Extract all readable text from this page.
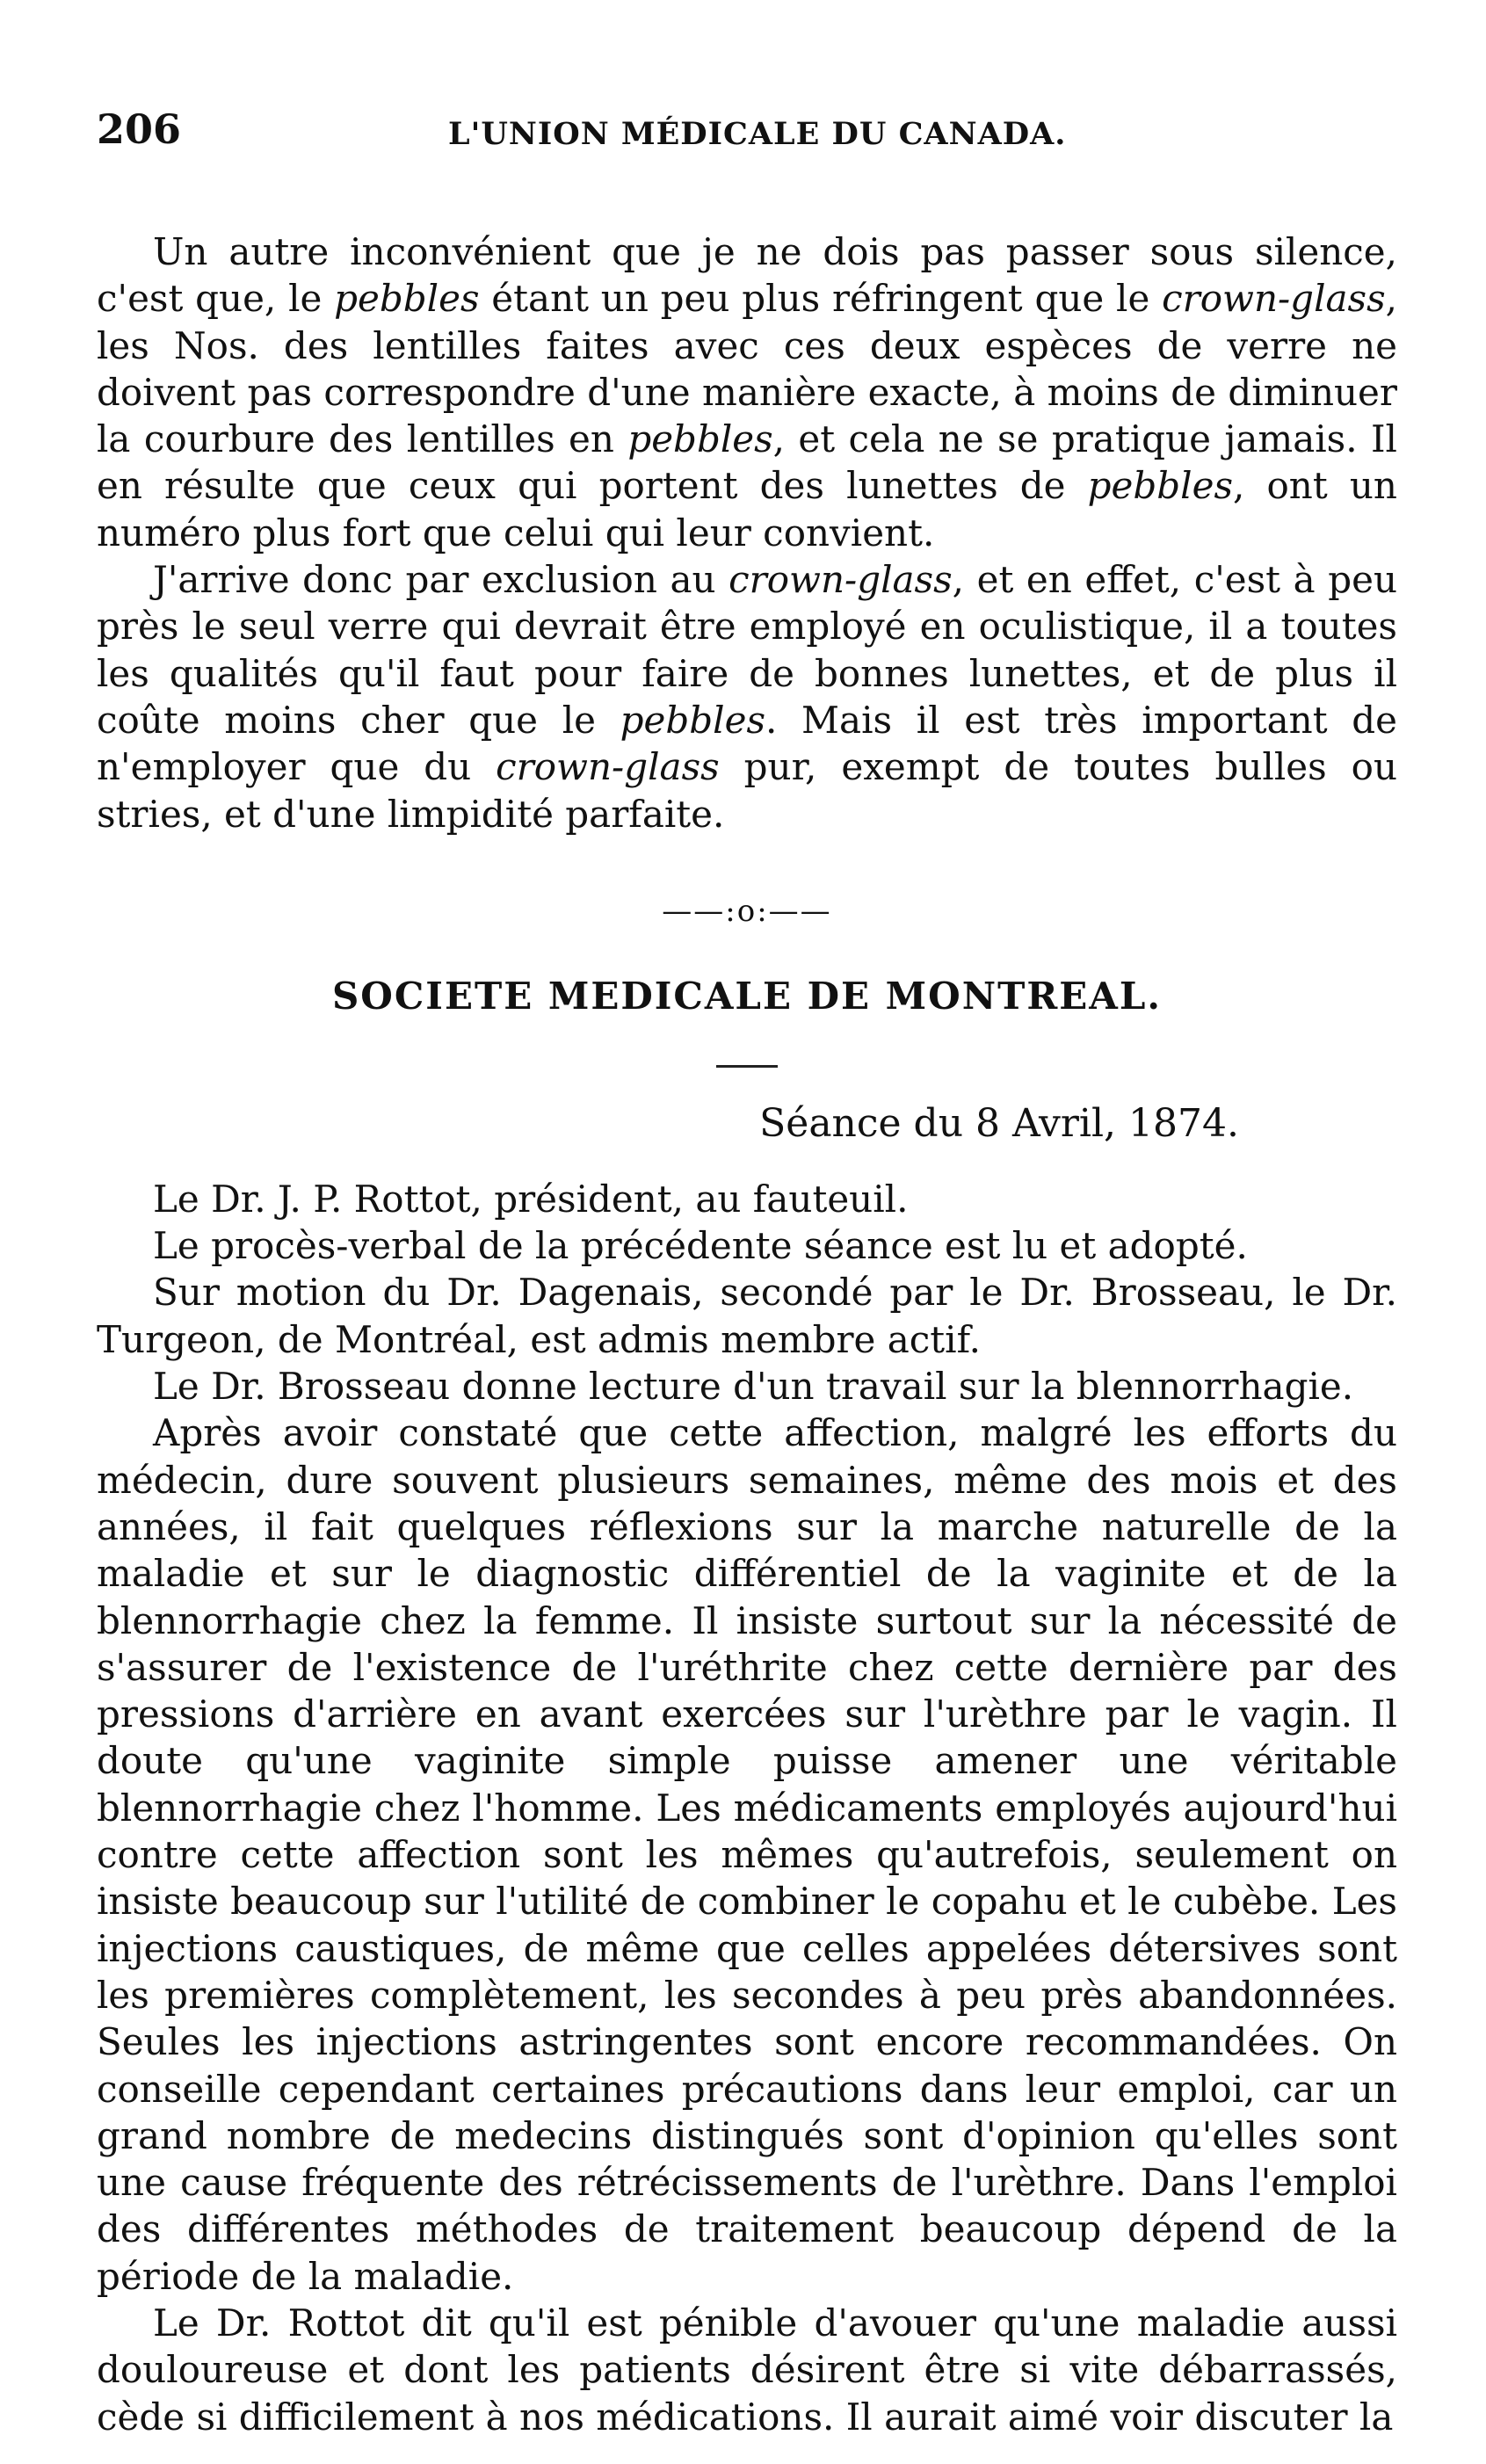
206	L'UNION MÉDICALE DU CANADA.

Un autre inconvénient que je ne dois pas passer sous silence, c'est que, le pebbles étant un peu plus réfringent que le crown-glass, les Nos. des lentilles faites avec ces deux espèces de verre ne doivent pas correspondre d'une manière exacte, à moins de diminuer la courbure des lentilles en pebbles, et cela ne se pratique jamais. Il en résulte que ceux qui portent des lunettes de pebbles, ont un numéro plus fort que celui qui leur convient.

J'arrive donc par exclusion au crown-glass, et en effet, c'est à peu près le seul verre qui devrait être employé en oculistique, il a toutes les qualités qu'il faut pour faire de bonnes lunettes, et de plus il coûte moins cher que le pebbles. Mais il est très important de n'employer que du crown-glass pur, exempt de toutes bulles ou stries, et d'une limpidité parfaite.

——:o:——
SOCIETE MEDICALE DE MONTREAL.
Séance du 8 Avril, 1874.

Le Dr. J. P. Rottot, président, au fauteuil.

Le procès-verbal de la précédente séance est lu et adopté.

Sur motion du Dr. Dagenais, secondé par le Dr. Brosseau, le Dr. Turgeon, de Montréal, est admis membre actif.

Le Dr. Brosseau donne lecture d'un travail sur la blennorrhagie.

Après avoir constaté que cette affection, malgré les efforts du médecin, dure souvent plusieurs semaines, même des mois et des années, il fait quelques réflexions sur la marche naturelle de la maladie et sur le diagnostic différentiel de la vaginite et de la blennorrhagie chez la femme. Il insiste surtout sur la nécessité de s'assurer de l'existence de l'uréthrite chez cette dernière par des pressions d'arrière en avant exercées sur l'urèthre par le vagin. Il doute qu'une vaginite simple puisse amener une véritable blennorrhagie chez l'homme. Les médicaments employés aujourd'hui contre cette affection sont les mêmes qu'autrefois, seulement on insiste beaucoup sur l'utilité de combiner le copahu et le cubèbe. Les injections caustiques, de même que celles appelées détersives sont les premières complètement, les secondes à peu près abandonnées. Seules les injections astringentes sont encore recommandées. On conseille cependant certaines précautions dans leur emploi, car un grand nombre de medecins distingués sont d'opinion qu'elles sont une cause fréquente des rétrécissements de l'urèthre. Dans l'emploi des différentes méthodes de traitement beaucoup dépend de la période de la maladie.

Le Dr. Rottot dit qu'il est pénible d'avouer qu'une maladie aussi douloureuse et dont les patients désirent être si vite débarrassés, cède si difficilement à nos médications. Il aurait aimé voir discuter la
